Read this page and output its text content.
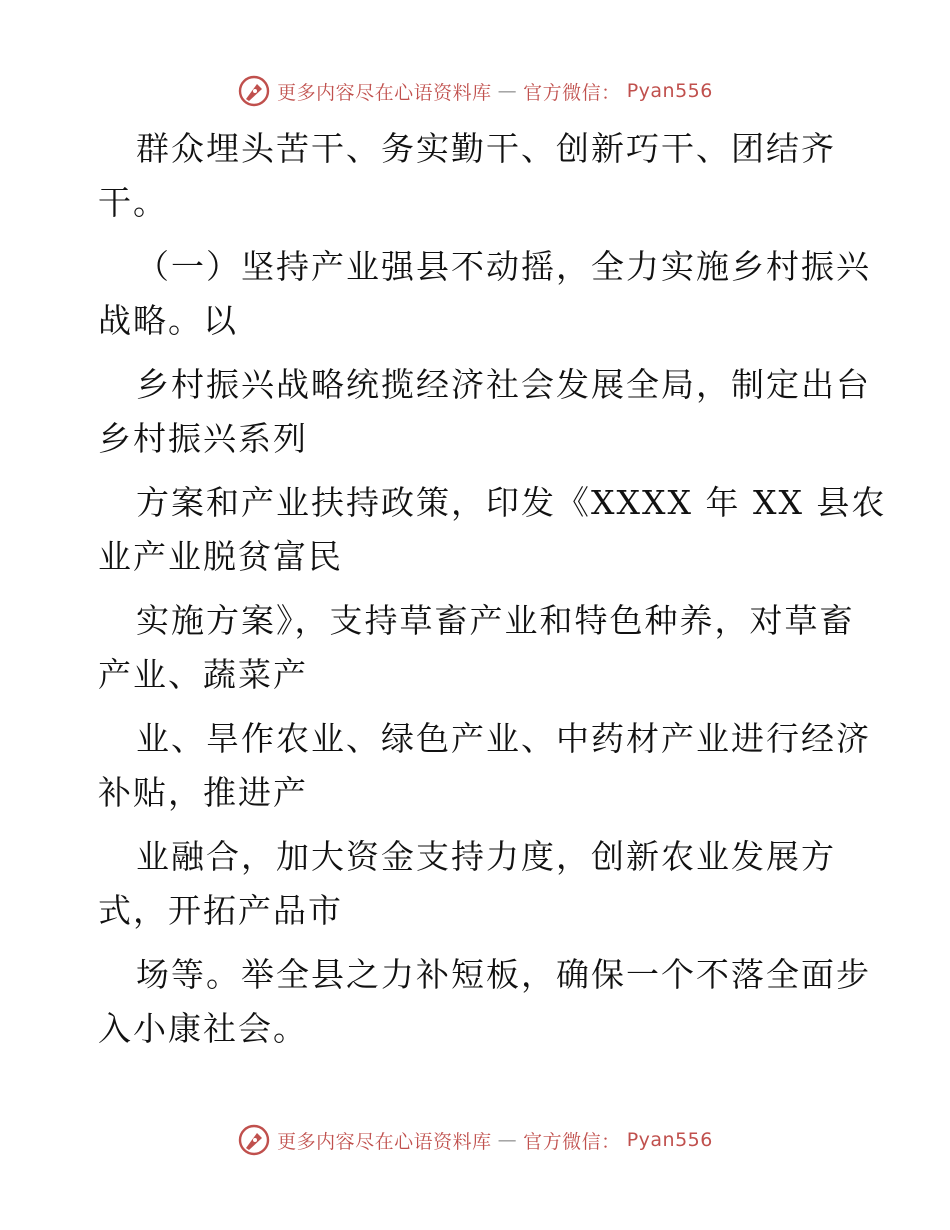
更多内容尽在心语资料库 — 官方微信： Pyan556

群众埋头苦干、务实勤干、创新巧干、团结齐
干。

（一）坚持产业强县不动摇，全力实施乡村振兴
战略。以

乡村振兴战略统揽经济社会发展全局，制定出台
乡村振兴系列

方案和产业扶持政策，印发《XXXX 年 XX 县农
业产业脱贫富民

实施方案》，支持草畜产业和特色种养，对草畜
产业、蔬菜产

业、旱作农业、绿色产业、中药材产业进行经济
补贴，推进产

业融合，加大资金支持力度，创新农业发展方
式，开拓产品市

场等。举全县之力补短板，确保一个不落全面步
入小康社会。

更多内容尽在心语资料库 — 官方微信： Pyan556
